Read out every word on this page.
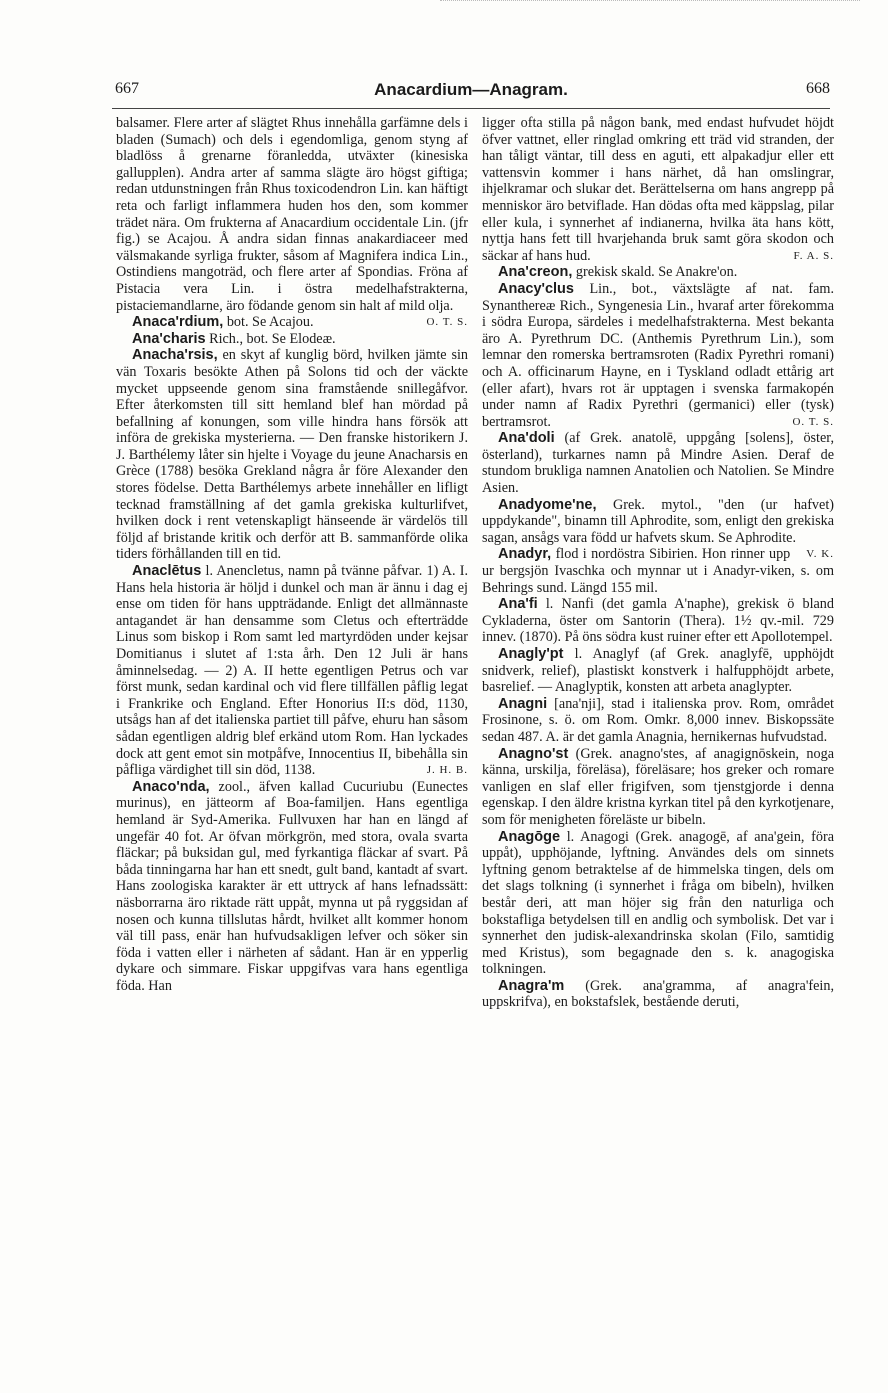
667	Anacardium—Anagram.	668

balsamer. Flere arter af slägtet Rhus innehålla garfämne dels i bladen (Sumach) och dels i egendomliga, genom styng af bladlöss å grenarne föranledda, utväxter (kinesiska gallupplen). Andra arter af samma slägte äro högst giftiga; redan utdunstningen från Rhus toxicodendron Lin. kan häftigt reta och farligt inflammera huden hos den, som kommer trädet nära. Om frukterna af Anacardium occidentale Lin. (jfr fig.) se Acajou. Å andra sidan finnas anakardiaceer med välsmakande syrliga frukter, såsom af Magnifera indica Lin., Ostindiens mangoträd, och flere arter af Spondias. Fröna af Pistacia vera Lin. i östra medelhafstrakterna, pistaciemandlarne, äro födande genom sin halt af mild olja.
O. T. S.

Anaca'rdium, bot. Se Acajou.

Ana'charis Rich., bot. Se Elodeæ.

Anacha'rsis, en skyt af kunglig börd, hvilken jämte sin vän Toxaris besökte Athen på Solons tid och der väckte mycket uppseende genom sina framstående snillegåfvor. Efter återkomsten till sitt hemland blef han mördad på befallning af konungen, som ville hindra hans försök att införa de grekiska mysterierna. — Den franske historikern J. J. Barthélemy låter sin hjelte i Voyage du jeune Anacharsis en Grèce (1788) besöka Grekland några år före Alexander den stores födelse. Detta Barthélemys arbete innehåller en lifligt tecknad framställning af det gamla grekiska kulturlifvet, hvilken dock i rent vetenskapligt hänseende är värdelös till följd af bristande kritik och derför att B. sammanförde olika tiders förhållanden till en tid.

Anaclētus l. Anencletus, namn på tvänne påfvar. 1) A. I. Hans hela historia är höljd i dunkel och man är ännu i dag ej ense om tiden för hans uppträdande. Enligt det allmännaste antagandet är han densamme som Cletus och efterträdde Linus som biskop i Rom samt led martyrdöden under kejsar Domitianus i slutet af 1:sta årh. Den 12 Juli är hans åminnelsedag. — 2) A. II hette egentligen Petrus och var först munk, sedan kardinal och vid flere tillfällen påflig legat i Frankrike och England. Efter Honorius II:s död, 1130, utsågs han af det italienska partiet till påfve, ehuru han såsom sådan egentligen aldrig blef erkänd utom Rom. Han lyckades dock att gent emot sin motpåfve, Innocentius II, bibehålla sin påfliga värdighet till sin död, 1138.	J. H. B.

Anaco'nda, zool., äfven kallad Cucuriubu (Eunectes murinus), en jätteorm af Boa-familjen. Hans egentliga hemland är Syd-Amerika. Fullvuxen har han en längd af ungefär 40 fot. Ar öfvan mörkgrön, med stora, ovala svarta fläckar; på buksidan gul, med fyrkantiga fläckar af svart. På båda tinningarna har han ett snedt, gult band, kantadt af svart. Hans zoologiska karakter är ett uttryck af hans lefnadssätt: näsborrarna äro riktade rätt uppåt, mynna ut på ryggsidan af nosen och kunna tillslutas hårdt, hvilket allt kommer honom väl till pass, enär han hufvudsakligen lefver och söker sin föda i vatten eller i närheten af sådant. Han är en ypperlig dykare och simmare. Fiskar uppgifvas vara hans egentliga föda. Han

ligger ofta stilla på någon bank, med endast hufvudet höjdt öfver vattnet, eller ringlad omkring ett träd vid stranden, der han tåligt väntar, till dess en aguti, ett alpakadjur eller ett vattensvin kommer i hans närhet, då han omslingrar, ihjelkramar och slukar det. Berättelserna om hans angrepp på menniskor äro betviflade. Han dödas ofta med käppslag, pilar eller kula, i synnerhet af indianerna, hvilka äta hans kött, nyttja hans fett till hvarjehanda bruk samt göra skodon och säckar af hans hud.	F. A. S.

Ana'creon, grekisk skald. Se Anakre'on.

Anacy'clus Lin., bot., växtslägte af nat. fam. Synanthereæ Rich., Syngenesia Lin., hvaraf arter förekomma i södra Europa, särdeles i medelhafstrakterna. Mest bekanta äro A. Pyrethrum DC. (Anthemis Pyrethrum Lin.), som lemnar den romerska bertramsroten (Radix Pyrethri romani) och A. officinarum Hayne, en i Tyskland odladt ettårig art (eller afart), hvars rot är upptagen i svenska farmakopén under namn af Radix Pyrethri (germanici) eller (tysk) bertramsrot.	O. T. S.

Ana'doli (af Grek. anatolē, uppgång [solens], öster, österland), turkarnes namn på Mindre Asien. Deraf de stundom brukliga namnen Anatolien och Natolien. Se Mindre Asien.

Anadyome'ne, Grek. mytol., "den (ur hafvet) uppdykande", binamn till Aphrodite, som, enligt den grekiska sagan, ansågs vara född ur hafvets skum. Se Aphrodite.
V. K.

Anadyr, flod i nordöstra Sibirien. Hon rinner upp ur bergsjön Ivaschka och mynnar ut i Anadyr-viken, s. om Behrings sund. Längd 155 mil.

Ana'fi l. Nanfi (det gamla A'naphe), grekisk ö bland Cykladerna, öster om Santorin (Thera). 1½ qv.-mil. 729 innev. (1870). På öns södra kust ruiner efter ett Apollotempel.

Anagly'pt l. Anaglyf (af Grek. anaglyfē, upphöjdt snidverk, relief), plastiskt konstverk i halfupphöjdt arbete, basrelief. — Anaglyptik, konsten att arbeta anaglypter.

Anagni [ana'nji], stad i italienska prov. Rom, området Frosinone, s. ö. om Rom. Omkr. 8,000 innev. Biskopssäte sedan 487. A. är det gamla Anagnia, hernikernas hufvudstad.

Anagno'st (Grek. anagno'stes, af anagignōskein, noga känna, urskilja, föreläsa), föreläsare; hos greker och romare vanligen en slaf eller frigifven, som tjenstgjorde i denna egenskap. I den äldre kristna kyrkan titel på den kyrkotjenare, som för menigheten föreläste ur bibeln.

Anagōge l. Anagogi (Grek. anagogē, af ana'gein, föra uppåt), upphöjande, lyftning. Användes dels om sinnets lyftning genom betraktelse af de himmelska tingen, dels om det slags tolkning (i synnerhet i fråga om bibeln), hvilken består deri, att man höjer sig från den naturliga och bokstafliga betydelsen till en andlig och symbolisk. Det var i synnerhet den judisk-alexandrinska skolan (Filo, samtidig med Kristus), som begagnade den s. k. anagogiska tolkningen.

Anagra'm (Grek. ana'gramma, af anagra'fein, uppskrifva), en bokstafslek, bestående deruti,
